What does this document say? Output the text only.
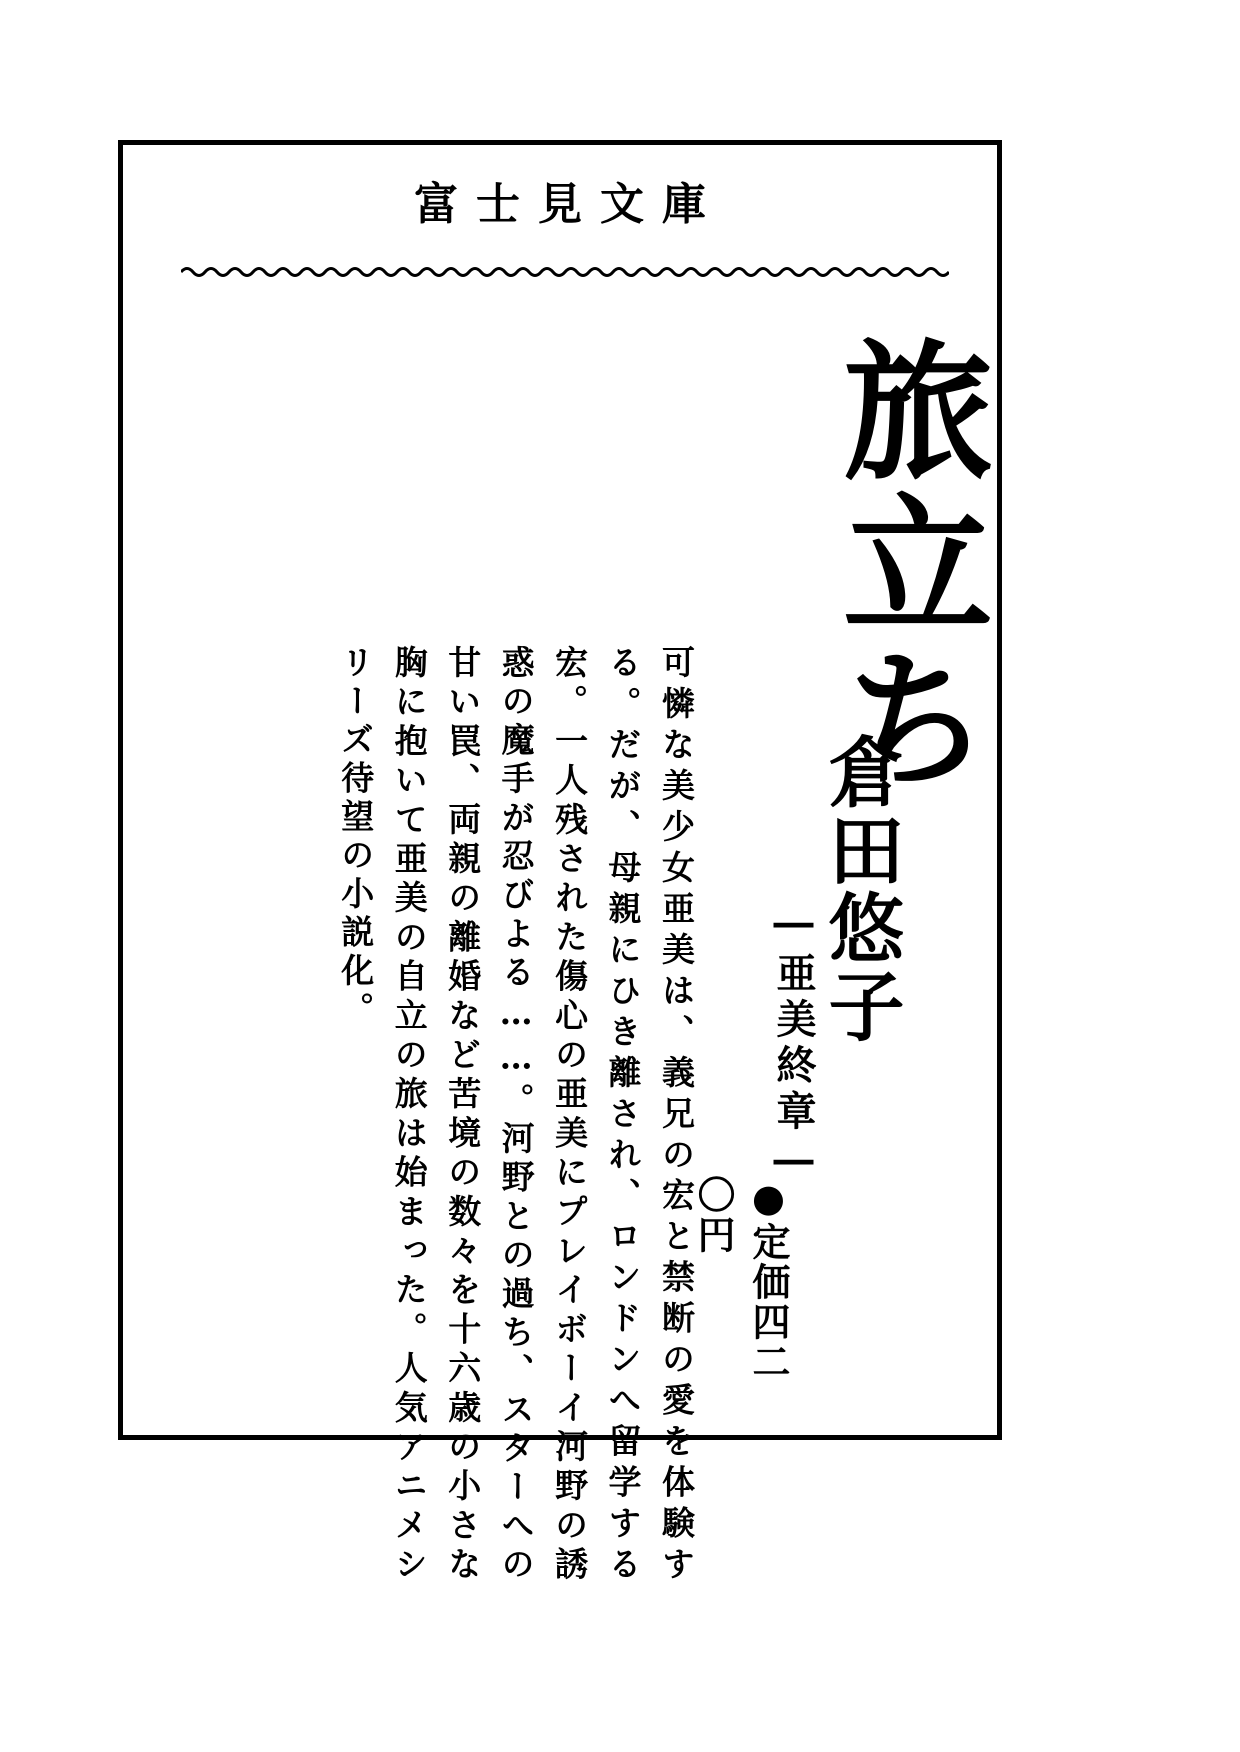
富士見文庫
●定価四二〇円
倉田悠子
―亜美終章―
旅立ち
可憐な美少女亜美は、義兄の宏と禁断の愛を体験する。だが、母親にひき離され、ロンドンへ留学する宏。一人残された傷心の亜美にプレイボーイ河野の誘惑の魔手が忍びよる……。河野との過ち、スターへの甘い罠、両親の離婚など苦境の数々を十六歳の小さな胸に抱いて亜美の自立の旅は始まった。人気アニメシリーズ待望の小説化。
